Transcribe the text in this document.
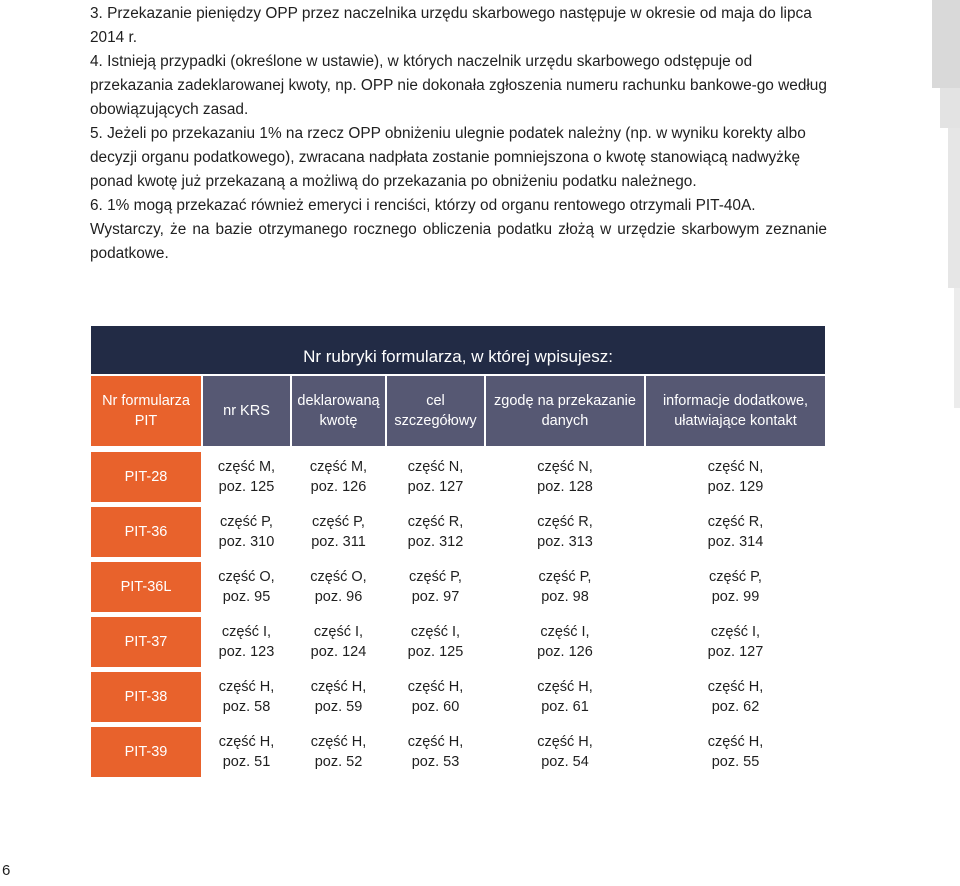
3. Przekazanie pieniędzy OPP przez naczelnika urzędu skarbowego następuje w okresie od maja do lipca 2014 r.

4. Istnieją przypadki (określone w ustawie), w których naczelnik urzędu skarbowego odstępuje od przekazania zadeklarowanej kwoty, np. OPP nie dokonała zgłoszenia numeru rachunku bankowe-go według obowiązujących zasad.

5. Jeżeli po przekazaniu 1% na rzecz OPP obniżeniu ulegnie podatek należny (np. w wyniku korekty albo decyzji organu podatkowego), zwracana nadpłata zostanie pomniejszona o kwotę stanowiącą nadwyżkę ponad kwotę już przekazaną a możliwą do przekazania po obniżeniu podatku należnego.

6. 1% mogą przekazać również emeryci i renciści, którzy od organu rentowego otrzymali PIT-40A.

Wystarczy, że na bazie otrzymanego rocznego obliczenia podatku złożą w urzędzie skarbowym zeznanie podatkowe.

Nr rubryki formularza, w której wpisujesz:
Nr formularza PIT
nr KRS
deklarowaną kwotę
cel szczegółowy
zgodę na przekazanie danych
informacje dodatkowe, ułatwiające kontakt
PIT-28
część M,
poz. 125
część M,
poz. 126
część N,
poz. 127
część N,
poz. 128
część N,
poz. 129
PIT-36
część P,
poz. 310
część P,
poz. 311
część R,
poz. 312
część R,
poz. 313
część R,
poz. 314
PIT-36L
część O,
poz. 95
część O,
poz. 96
część P,
poz. 97
część P,
poz. 98
część P,
poz. 99
PIT-37
część I,
poz. 123
część I,
poz. 124
część I,
poz. 125
część I,
poz. 126
część I,
poz. 127
PIT-38
część H,
poz. 58
część H,
poz. 59
część H,
poz. 60
część H,
poz. 61
część H,
poz. 62
PIT-39
część H,
poz. 51
część H,
poz. 52
część H,
poz. 53
część H,
poz. 54
część H,
poz. 55
6
